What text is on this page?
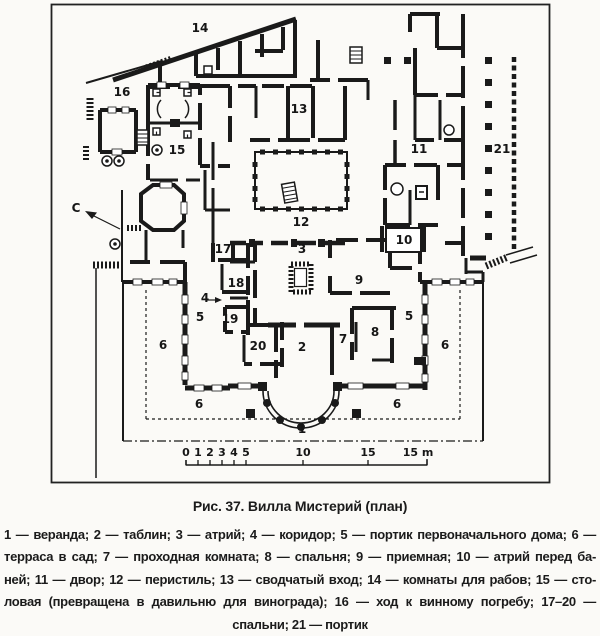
14
16
15
13
11	21
12
10
3
17
9
18
4
5 19	5
8
7
20	2
6	6
6	6
1
С
0 1 2 3 4 5	10	15 15 m
Рис. 37. Вилла Мистерий (план)
1 — веранда; 2 — таблин; 3 — атрий; 4 — коридор; 5 — портик первоначального дома; 6 —
терраса в сад; 7 — проходная комната; 8 — спальня; 9 — приемная; 10 — атрий перед ба-
ней; 11 — двор; 12 — перистиль; 13 — сводчатый вход; 14 — комнаты для рабов; 15 — сто-
ловая (превращена в давильню для винограда); 16 — ход к винному погребу; 17–20 —
спальни; 21 — портик
